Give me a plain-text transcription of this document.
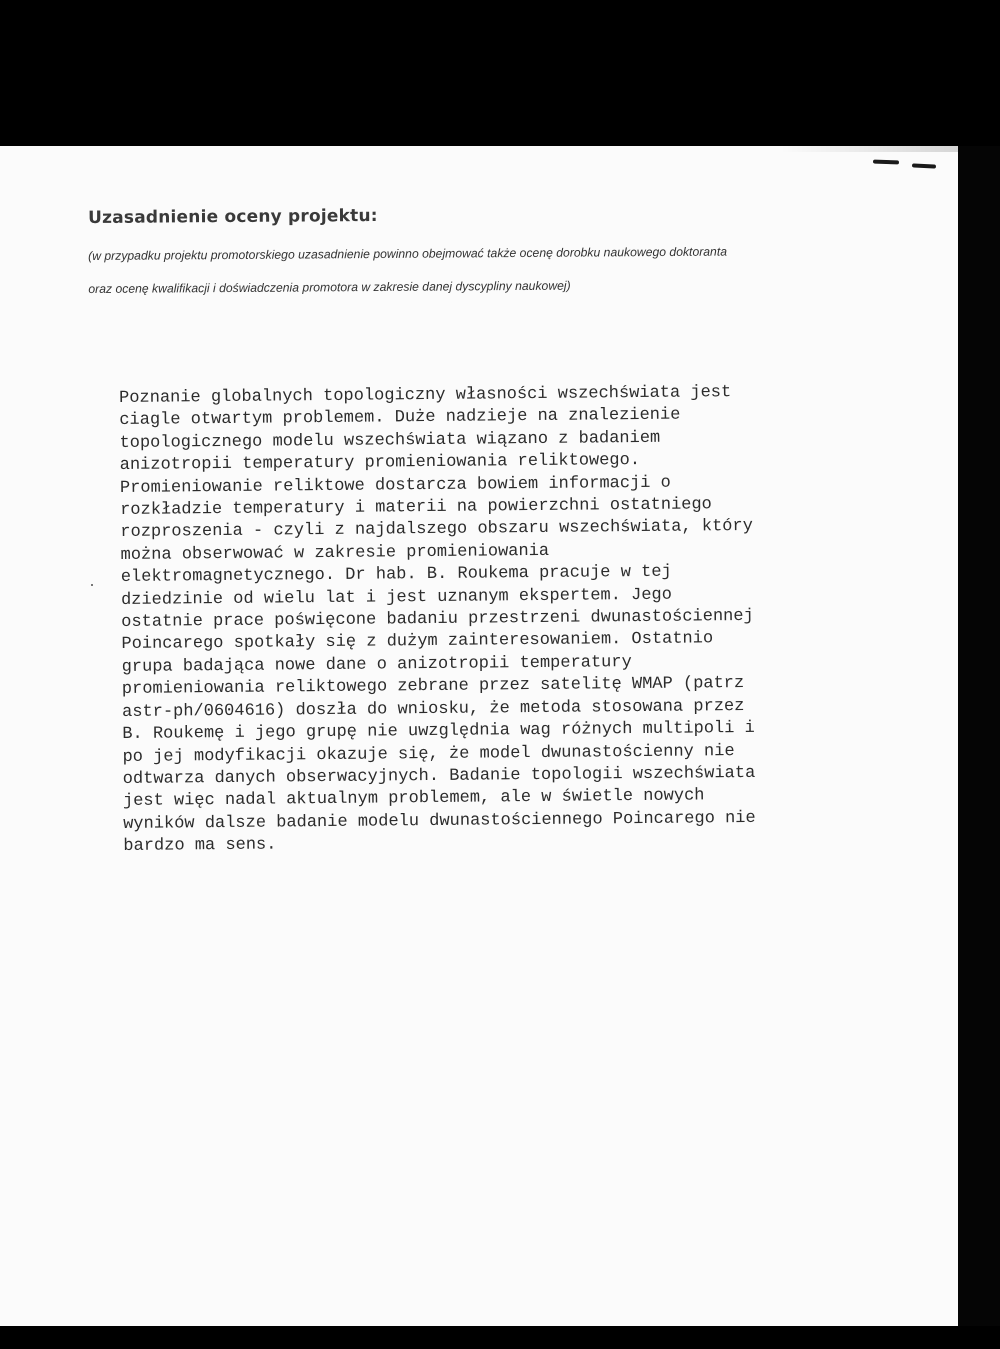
Uzasadnienie oceny projektu:

(w przypadku projektu promotorskiego uzasadnienie powinno obejmować także ocenę dorobku naukowego doktoranta
oraz ocenę kwalifikacji i doświadczenia promotora w zakresie danej dyscypliny naukowej)

Poznanie globalnych topologiczny własności wszechświata jest
ciagle otwartym problemem. Duże nadzieje na znalezienie
topologicznego modelu wszechświata wiązano z badaniem
anizotropii temperatury promieniowania reliktowego.
Promieniowanie reliktowe dostarcza bowiem informacji o
rozkładzie temperatury i materii na powierzchni ostatniego
rozproszenia - czyli z najdalszego obszaru wszechświata, który
można obserwować w zakresie promieniowania
elektromagnetycznego. Dr hab. B. Roukema pracuje w tej
dziedzinie od wielu lat i jest uznanym ekspertem. Jego
ostatnie prace poświęcone badaniu przestrzeni dwunastościennej
Poincarego spotkały się z dużym zainteresowaniem. Ostatnio
grupa badająca nowe dane o anizotropii temperatury
promieniowania reliktowego zebrane przez satelitę WMAP (patrz
astr-ph/0604616) doszła do wniosku, że metoda stosowana przez
B. Roukemę i jego grupę nie uwzględnia wag różnych multipoli i
po jej modyfikacji okazuje się, że model dwunastościenny nie
odtwarza danych obserwacyjnych. Badanie topologii wszechświata
jest więc nadal aktualnym problemem, ale w świetle nowych
wyników dalsze badanie modelu dwunastościennego Poincarego nie
bardzo ma sens.
